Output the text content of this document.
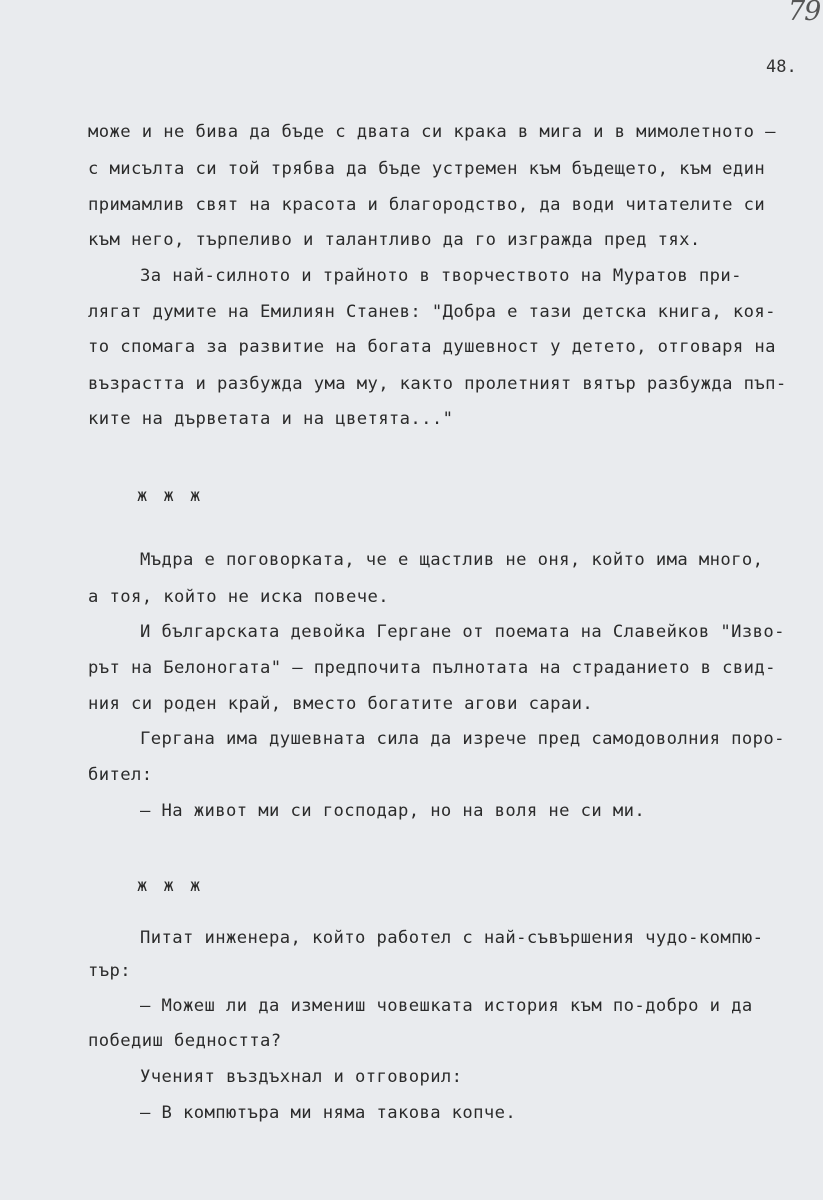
79
48.
може и не бива да бъде с двата си крака в мига и в мимолетното –
с мисълта си той трябва да бъде устремен към бъдещето, към един
примамлив свят на красота и благородство, да води читателите си
към него, търпеливо и талантливо да го изгражда пред тях.
За най-силното и трайното в творчеството на Муратов при-
лягат думите на Емилиян Станев: "Добра е тази детска книга, коя-
то спомага за развитие на богата душевност у детето, отговаря на
възрастта и разбужда ума му, както пролетният вятър разбужда пъп-
ките на дърветата и на цветята..."
ж ж ж
Мъдра е поговорката, че е щастлив не оня, който има много,
а тоя, който не иска повече.
И българската девойка Гергане от поемата на Славейков "Изво-
рът на Белоногата" – предпочита пълнотата на страданието в свид-
ния си роден край, вместо богатите агови сараи.
Гергана има душевната сила да изрече пред самодоволния поро-
бител:
– На живот ми си господар, но на воля не си ми.
ж ж ж
Питат инженера, който работел с най-съвършения чудо-компю-
тър:
– Можеш ли да измениш човешката история към по-добро и да
победиш бедността?
Ученият въздъхнал и отговорил:
– В компютъра ми няма такова копче.
